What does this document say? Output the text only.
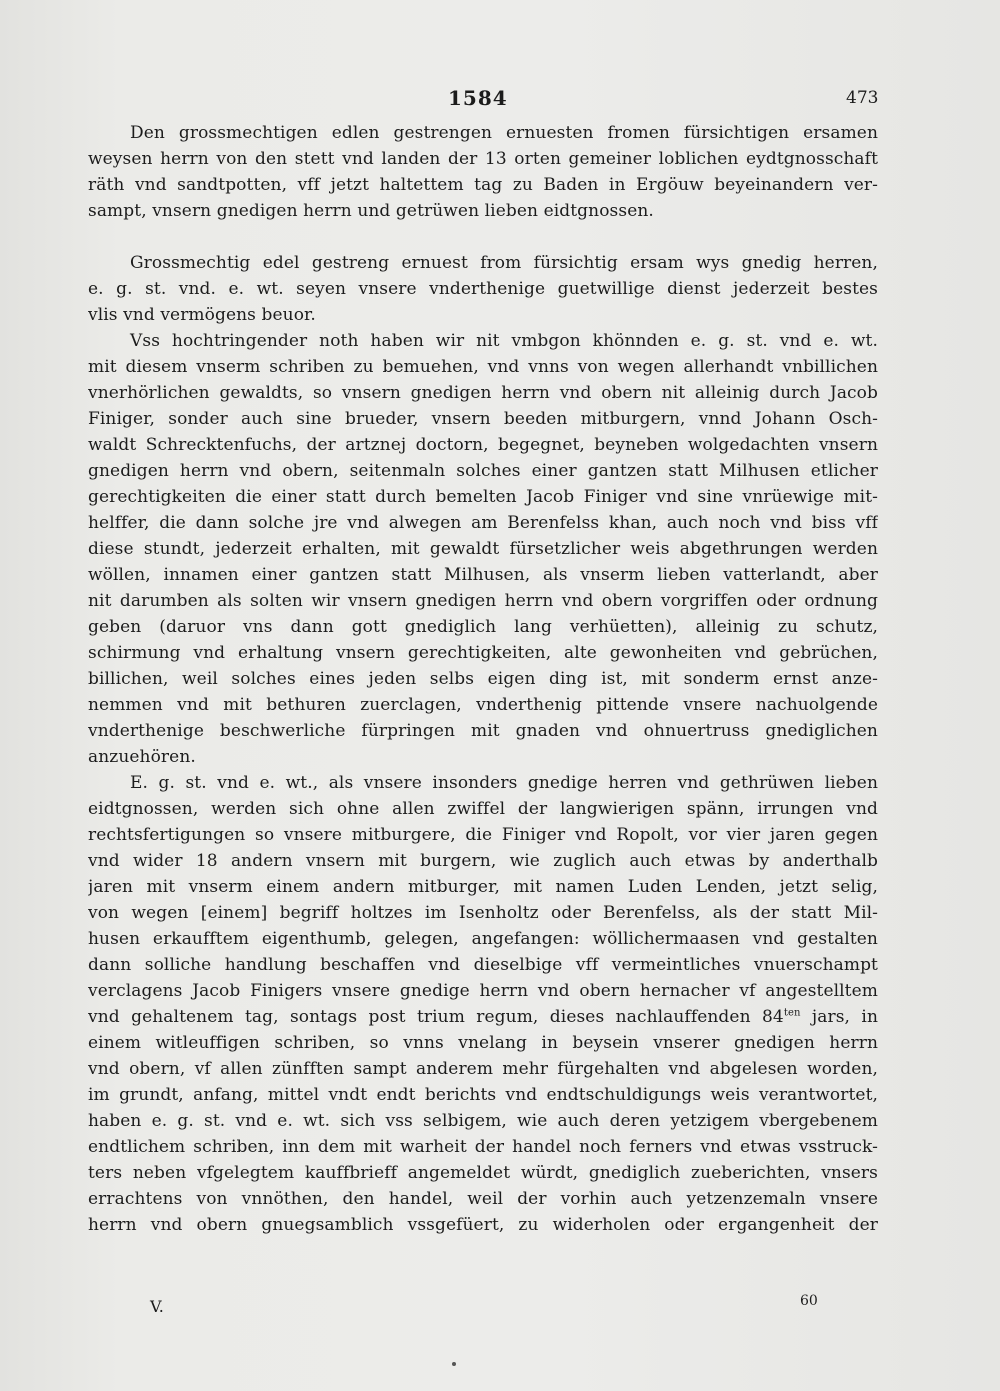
1584	473
Den grossmechtigen edlen gestrengen ernuesten fromen fürsichtigen ersamen
weysen herrn von den stett vnd landen der 13 orten gemeiner loblichen eydtgnosschaft
räth vnd sandtpotten, vff jetzt haltettem tag zu Baden in Ergöuw beyeinandern ver-
sampt, vnsern gnedigen herrn und getrüwen lieben eidtgnossen.
Grossmechtig edel gestreng ernuest from fürsichtig ersam wys gnedig herren,
e. g. st. vnd. e. wt. seyen vnsere vnderthenige guetwillige dienst jederzeit bestes
vlis vnd vermögens beuor.
Vss hochtringender noth haben wir nit vmbgon khönnden e. g. st. vnd e. wt.
mit diesem vnserm schriben zu bemuehen, vnd vnns von wegen allerhandt vnbillichen
vnerhörlichen gewaldts, so vnsern gnedigen herrn vnd obern nit alleinig durch Jacob
Finiger, sonder auch sine brueder, vnsern beeden mitburgern, vnnd Johann Osch-
waldt Schrecktenfuchs, der artznej doctorn, begegnet, beyneben wolgedachten vnsern
gnedigen herrn vnd obern, seitenmaln solches einer gantzen statt Milhusen etlicher
gerechtigkeiten die einer statt durch bemelten Jacob Finiger vnd sine vnrüewige mit-
helffer, die dann solche jre vnd alwegen am Berenfelss khan, auch noch vnd biss vff
diese stundt, jederzeit erhalten, mit gewaldt fürsetzlicher weis abgethrungen werden
wöllen, innamen einer gantzen statt Milhusen, als vnserm lieben vatterlandt, aber
nit darumben als solten wir vnsern gnedigen herrn vnd obern vorgriffen oder ordnung
geben (daruor vns dann gott gnediglich lang verhüetten), alleinig zu schutz,
schirmung vnd erhaltung vnsern gerechtigkeiten, alte gewonheiten vnd gebrüchen,
billichen, weil solches eines jeden selbs eigen ding ist, mit sonderm ernst anze-
nemmen vnd mit bethuren zuerclagen, vnderthenig pittende vnsere nachuolgende
vnderthenige beschwerliche fürpringen mit gnaden vnd ohnuertruss gnediglichen
anzuehören.
E. g. st. vnd e. wt., als vnsere insonders gnedige herren vnd gethrüwen lieben
eidtgnossen, werden sich ohne allen zwiffel der langwierigen spänn, irrungen vnd
rechtsfertigungen so vnsere mitburgere, die Finiger vnd Ropolt, vor vier jaren gegen
vnd wider 18 andern vnsern mit burgern, wie zuglich auch etwas by anderthalb
jaren mit vnserm einem andern mitburger, mit namen Luden Lenden, jetzt selig,
von wegen [einem] begriff holtzes im Isenholtz oder Berenfelss, als der statt Mil-
husen erkaufftem eigenthumb, gelegen, angefangen: wöllichermaasen vnd gestalten
dann solliche handlung beschaffen vnd dieselbige vff vermeintliches vnuerschampt
verclagens Jacob Finigers vnsere gnedige herrn vnd obern hernacher vf angestelltem
vnd gehaltenem tag, sontags post trium regum, dieses nachlauffenden $84^{ten}$ jars, in
einem witleuffigen schriben, so vnns vnelang in beysein vnserer gnedigen herrn
vnd obern, vf allen zünfften sampt anderem mehr fürgehalten vnd abgelesen worden,
im grundt, anfang, mittel vndt endt berichts vnd endtschuldigungs weis verantwortet,
haben e. g. st. vnd e. wt. sich vss selbigem, wie auch deren yetzigem vbergebenem
endtlichem schriben, inn dem mit warheit der handel noch ferners vnd etwas vsstruck-
ters neben vfgelegtem kauffbrieff angemeldet würdt, gnediglich zueberichten, vnsers
errachtens von vnnöthen, den handel, weil der vorhin auch yetzenzemaln vnsere
herrn vnd obern gnuegsamblich vssgefüert, zu widerholen oder ergangenheit der
V.	60
